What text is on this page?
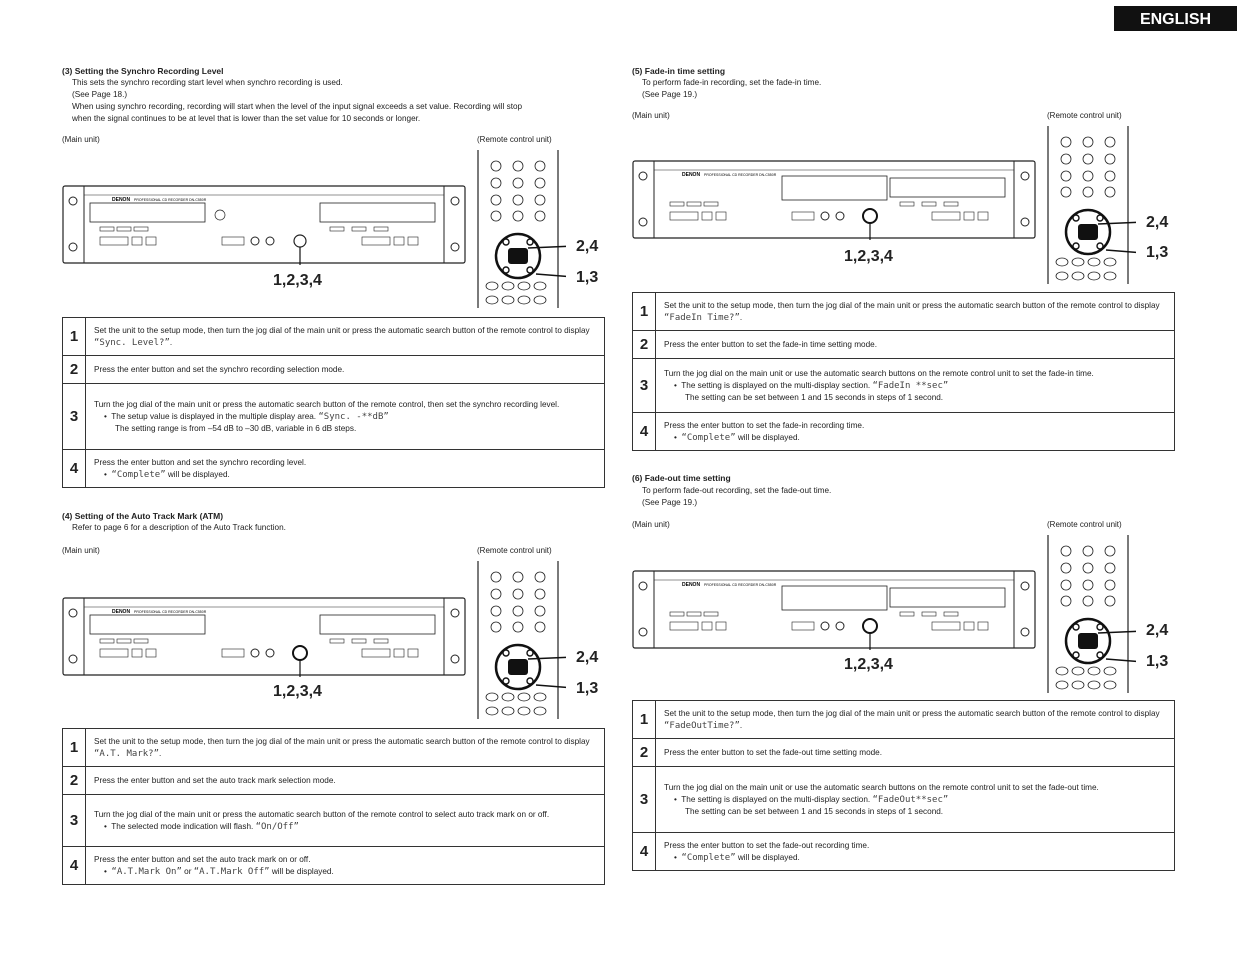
ENGLISH
(3) Setting the Synchro Recording Level

This sets the synchro recording start level when synchro recording is used.

(See Page 18.)

When using synchro recording, recording will start when the level of the input signal exceeds a set value. Recording will stop

when the signal continues to be at level that is lower than the set value for 10 seconds or longer.

(Main unit)	(Remote control unit)
DENON PROFESSIONAL CD RECORDER DN-C550R
1,2,3,4
2,4
1,3
1	Set the unit to the setup mode, then turn the jog dial of the main unit or press the automatic search button of the remote control to display “Sync. Level?”.
2	Press the enter button and set the synchro recording selection mode.
3	Turn the jog dial of the main unit or press the automatic search button of the remote control, then set the synchro recording level.
•  The setup value is displayed in the multiple display area. “Sync. -**dB”
The setting range is from –54 dB to –30 dB, variable in 6 dB steps.

4	Press the enter button and set the synchro recording level.
•  “Complete” will be displayed.
(4) Setting of the Auto Track Mark (ATM)

Refer to page 6 for a description of the Auto Track function.

(Main unit)	(Remote control unit)
DENON PROFESSIONAL CD RECORDER DN-C550R
1,2,3,4
2,4
1,3
1	Set the unit to the setup mode, then turn the jog dial of the main unit or press the automatic search button of the remote control to display “A.T. Mark?”.
2	Press the enter button and set the auto track mark selection mode.
3	Turn the jog dial of the main unit or press the automatic search button of the remote control to select auto track mark on or off.
•  The selected mode indication will flash. “On/Off”

4	Press the enter button and set the auto track mark on or off.
•  “A.T.Mark On” or “A.T.Mark Off” will be displayed.
(5) Fade-in time setting

To perform fade-in recording, set the fade-in time.

(See Page 19.)

(Main unit)	(Remote control unit)
DENON PROFESSIONAL CD RECORDER DN-C550R
1,2,3,4
2,4
1,3
1	Set the unit to the setup mode, then turn the jog dial of the main unit or press the automatic search button of the remote control to display “FadeIn Time?”.
2	Press the enter button to set the fade-in time setting mode.
3	Turn the jog dial on the main unit or use the automatic search buttons on the remote control unit to set the fade-in time.
•  The setting is displayed on the multi-display section. “FadeIn **sec”
The setting can be set between 1 and 15 seconds in steps of 1 second.

4	Press the enter button to set the fade-in recording time.
•  “Complete” will be displayed.
(6) Fade-out time setting

To perform fade-out recording, set the fade-out time.

(See Page 19.)

(Main unit)	(Remote control unit)
DENON PROFESSIONAL CD RECORDER DN-C550R
1,2,3,4
2,4
1,3
1	Set the unit to the setup mode, then turn the jog dial of the main unit or press the automatic search button of the remote control to display “FadeOutTime?”.
2	Press the enter button to set the fade-out time setting mode.
3	Turn the jog dial on the main unit or use the automatic search buttons on the remote control unit to set the fade-out time.
•  The setting is displayed on the multi-display section. “FadeOut**sec”
The setting can be set between 1 and 15 seconds in steps of 1 second.

4	Press the enter button to set the fade-out recording time.
•  “Complete” will be displayed.
